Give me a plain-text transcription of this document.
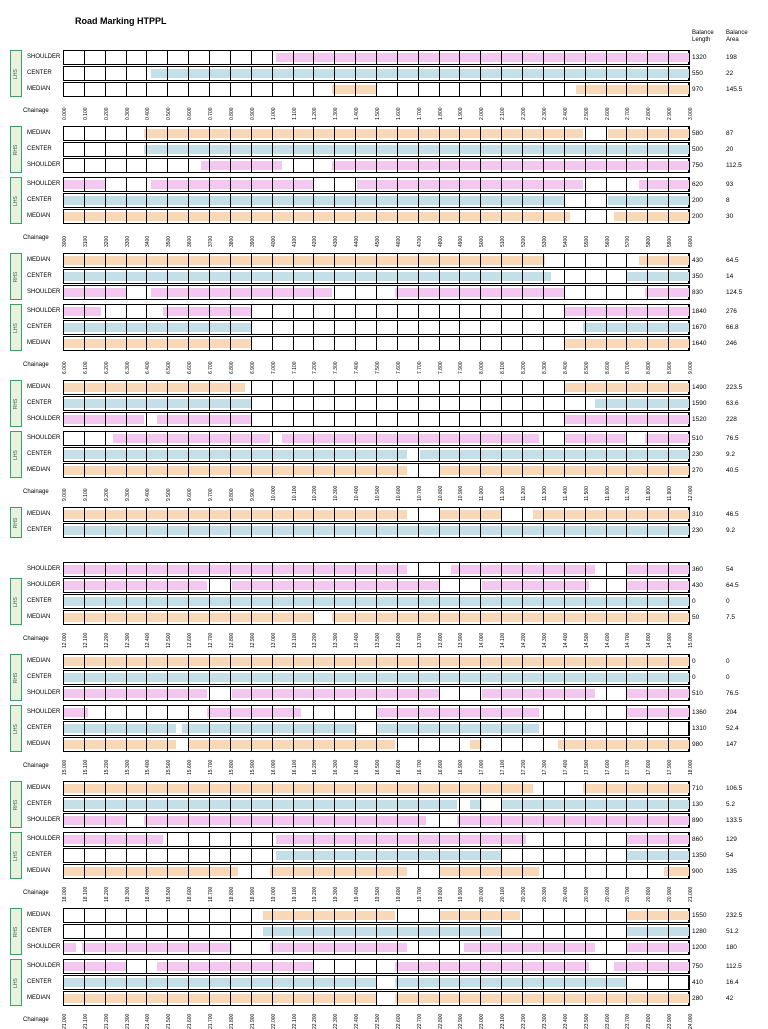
Road Marking HTPPL
Balance Length
Balance Area
SHOULDER	1320	198
CENTER	550	22
MEDIAN	970	145.5
Chainage	0.000	0.100	0.200	0.300	0.400	0.500	0.600	0.700	0.800	0.900	1.000	1.100	1.200	1.300	1.400	1.500	1.600	1.700	1.800	1.900	2.000	2.100	2.200	2.300	2.400	2.500	2.600	2.700	2.800	2.900	3.000
MEDIAN	580	87
CENTER	500	20
SHOULDER	750	112.5
SHOULDER	620	93
CENTER	200	8
MEDIAN	200	30
Chainage	3000	3100	3200	3300	3400	3500	3600	3700	3800	3900	4000	4100	4200	4300	4400	4500	4600	4700	4800	4900	5000	5100	5200	5300	5400	5500	5600	5700	5800	5900	6000
MEDIAN	430	64.5
CENTER	350	14
SHOULDER	830	124.5
SHOULDER	1840	276
CENTER	1670	66.8
MEDIAN	1640	246
Chainage	6.000	6.100	6.200	6.300	6.400	6.500	6.600	6.700	6.800	6.900	7.000	7.100	7.200	7.300	7.400	7.500	7.600	7.700	7.800	7.900	8.000	8.100	8.200	8.300	8.400	8.500	8.600	8.700	8.800	8.900	9.000
MEDIAN	1490	223.5
CENTER	1590	63.6
SHOULDER	1520	228
SHOULDER	510	76.5
CENTER	230	9.2
MEDIAN	270	40.5
Chainage	9.000	9.100	9.200	9.300	9.400	9.500	9.600	9.700	9.800	9.900	10.000	10.100	10.200	10.300	10.400	10.500	10.600	10.700	10.800	10.900	11.000	11.100	11.200	11.300	11.400	11.500	11.600	11.700	11.800	11.900	12.000
MEDIAN	310	46.5
CENTER	230	9.2
SHOULDER	360	54
SHOULDER	430	64.5
CENTER	0	0
MEDIAN	50	7.5
Chainage	12.000	12.100	12.200	12.300	12.400	12.500	12.600	12.700	12.800	12.900	13.000	13.100	13.200	13.300	13.400	13.500	13.600	13.700	13.800	13.900	14.000	14.100	14.200	14.300	14.400	14.500	14.600	14.700	14.800	14.900	15.000
MEDIAN	0	0
CENTER	0	0
SHOULDER	510	76.5
SHOULDER	1360	204
CENTER	1310	52.4
MEDIAN	980	147
Chainage	15.000	15.100	15.200	15.300	15.400	15.500	15.600	15.700	15.800	15.900	16.000	16.100	16.200	16.300	16.400	16.500	16.600	16.700	16.800	16.900	17.000	17.100	17.200	17.300	17.400	17.500	17.600	17.700	17.800	17.900	18.000
MEDIAN	710	106.5
CENTER	130	5.2
SHOULDER	890	133.5
SHOULDER	860	129
CENTER	1350	54
MEDIAN	900	135
Chainage	18.000	18.100	18.200	18.300	18.400	18.500	18.600	18.700	18.800	18.900	19.000	19.100	19.200	19.300	19.400	19.500	19.600	19.700	19.800	19.900	20.000	20.100	20.200	20.300	20.400	20.500	20.600	20.700	20.800	20.900	21.000
MEDIAN	1550	232.5
CENTER	1280	51.2
SHOULDER	1200	180
SHOULDER	750	112.5
CENTER	410	16.4
MEDIAN	280	42
Chainage	21.000	21.100	21.200	21.300	21.400	21.500	21.600	21.700	21.800	21.900	22.000	22.100	22.200	22.300	22.400	22.500	22.600	22.700	22.800	22.900	23.000	23.100	23.200	23.300	23.400	23.500	23.600	23.700	23.800	23.900	24.000
LHS
RHS
LHS
RHS
LHS
RHS
LHS
RHS
LHS
RHS
LHS
RHS
LHS
RHS
LHS
